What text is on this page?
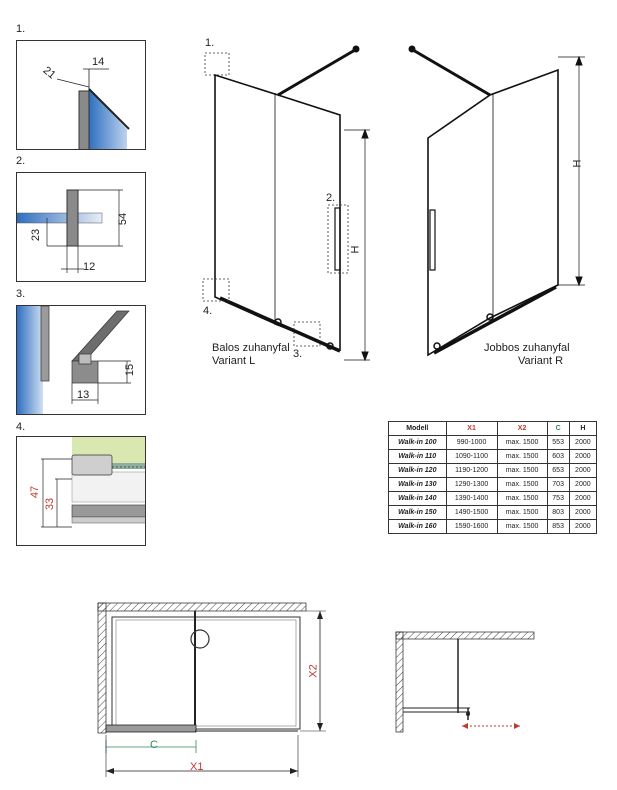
1.
21
14
2.
54
23
12
3.
15
13
4.
47
33
1.
2.
3.
4.
H
H
Balos zuhanyfal
Variant L
Jobbos zuhanyfal
Variant R
Modell	X1	X2	C	H
Walk-in 100	990-1000	max. 1500	553	2000
Walk-in 110	1090-1100	max. 1500	603	2000
Walk-in 120	1190-1200	max. 1500	653	2000
Walk-in 130	1290-1300	max. 1500	703	2000
Walk-in 140	1390-1400	max. 1500	753	2000
Walk-in 150	1490-1500	max. 1500	803	2000
Walk-in 160	1590-1600	max. 1500	853	2000
X1
X2
C
